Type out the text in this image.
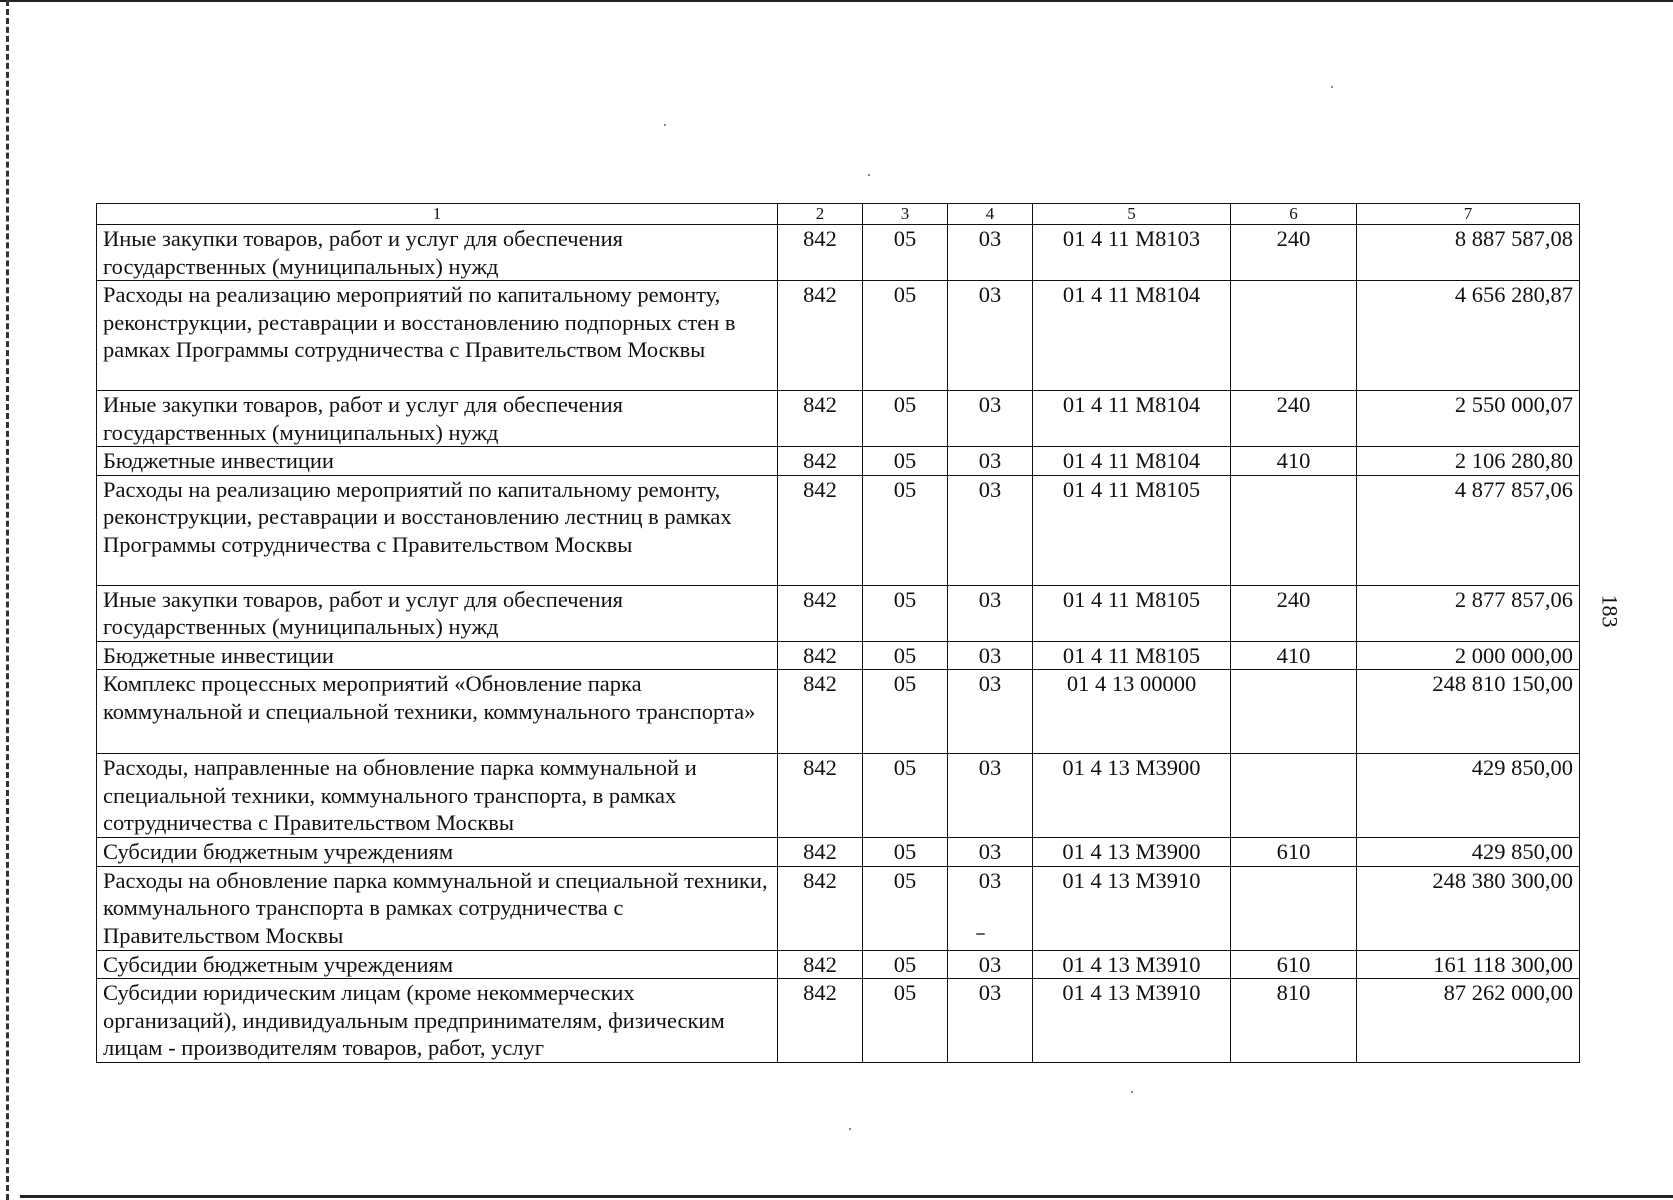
183
1	2	3	4	5	6	7
Иные закупки товаров, работ и услуг для обеспечения государственных (муниципальных) нужд	842	05	03	01 4 11 M8103	240	8 887 587,08
Расходы на реализацию мероприятий по капитальному ремонту, реконструкции, реставрации и восстановлению подпорных стен в рамках Программы сотрудничества с Правительством Москвы	842	05	03	01 4 11 M8104		4 656 280,87
Иные закупки товаров, работ и услуг для обеспечения государственных (муниципальных) нужд	842	05	03	01 4 11 M8104	240	2 550 000,07
Бюджетные инвестиции	842	05	03	01 4 11 M8104	410	2 106 280,80
Расходы на реализацию мероприятий по капитальному ремонту, реконструкции, реставрации и восстановлению лестниц в рамках Программы сотрудничества с Правительством Москвы	842	05	03	01 4 11 M8105		4 877 857,06
Иные закупки товаров, работ и услуг для обеспечения государственных (муниципальных) нужд	842	05	03	01 4 11 M8105	240	2 877 857,06
Бюджетные инвестиции	842	05	03	01 4 11 M8105	410	2 000 000,00
Комплекс процессных мероприятий «Обновление парка коммунальной и специальной техники, коммунального транспорта»	842	05	03	01 4 13 00000		248 810 150,00
Расходы, направленные на обновление парка коммунальной и специальной техники, коммунального транспорта, в рамках сотрудничества с Правительством Москвы	842	05	03	01 4 13 M3900		429 850,00
Субсидии бюджетным учреждениям	842	05	03	01 4 13 M3900	610	429 850,00
Расходы на обновление парка коммунальной и специальной техники, коммунального транспорта в рамках сотрудничества с Правительством Москвы	842	05	03	01 4 13 M3910		248 380 300,00
Субсидии бюджетным учреждениям	842	05	03	01 4 13 M3910	610	161 118 300,00
Субсидии юридическим лицам (кроме некоммерческих организаций), индивидуальным предпринимателям, физическим лицам - производителям товаров, работ, услуг	842	05	03	01 4 13 M3910	810	87 262 000,00
